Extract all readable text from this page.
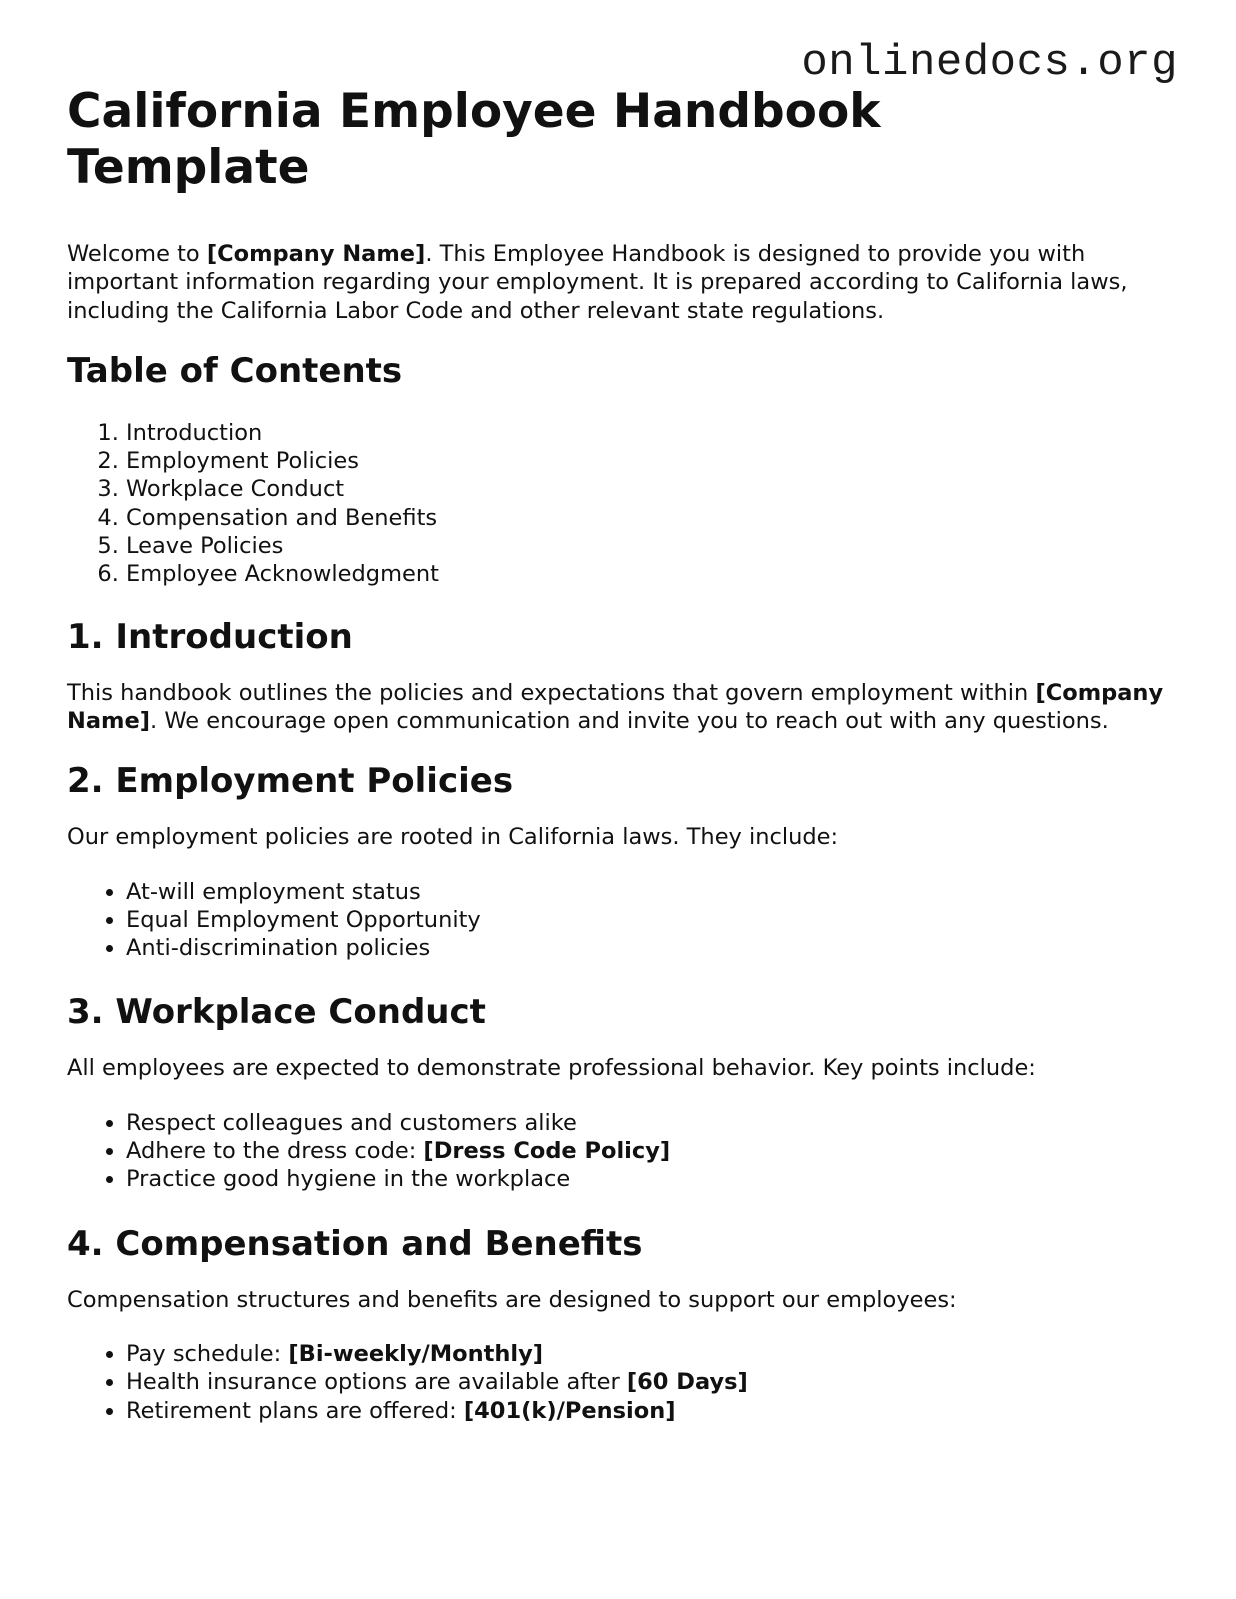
onlinedocs.org
California Employee Handbook Template

Welcome to [Company Name]. This Employee Handbook is designed to provide you with important information regarding your employment. It is prepared according to California laws, including the California Labor Code and other relevant state regulations.

Table of Contents
1. Introduction
2. Employment Policies
3. Workplace Conduct
4. Compensation and Benefits
5. Leave Policies
6. Employee Acknowledgment
1. Introduction

This handbook outlines the policies and expectations that govern employment within [Company Name]. We encourage open communication and invite you to reach out with any questions.

2. Employment Policies

Our employment policies are rooted in California laws. They include:

• At-will employment status
• Equal Employment Opportunity
• Anti-discrimination policies
3. Workplace Conduct

All employees are expected to demonstrate professional behavior. Key points include:

• Respect colleagues and customers alike
• Adhere to the dress code: [Dress Code Policy]
• Practice good hygiene in the workplace
4. Compensation and Benefits

Compensation structures and benefits are designed to support our employees:

• Pay schedule: [Bi-weekly/Monthly]
• Health insurance options are available after [60 Days]
• Retirement plans are offered: [401(k)/Pension]
